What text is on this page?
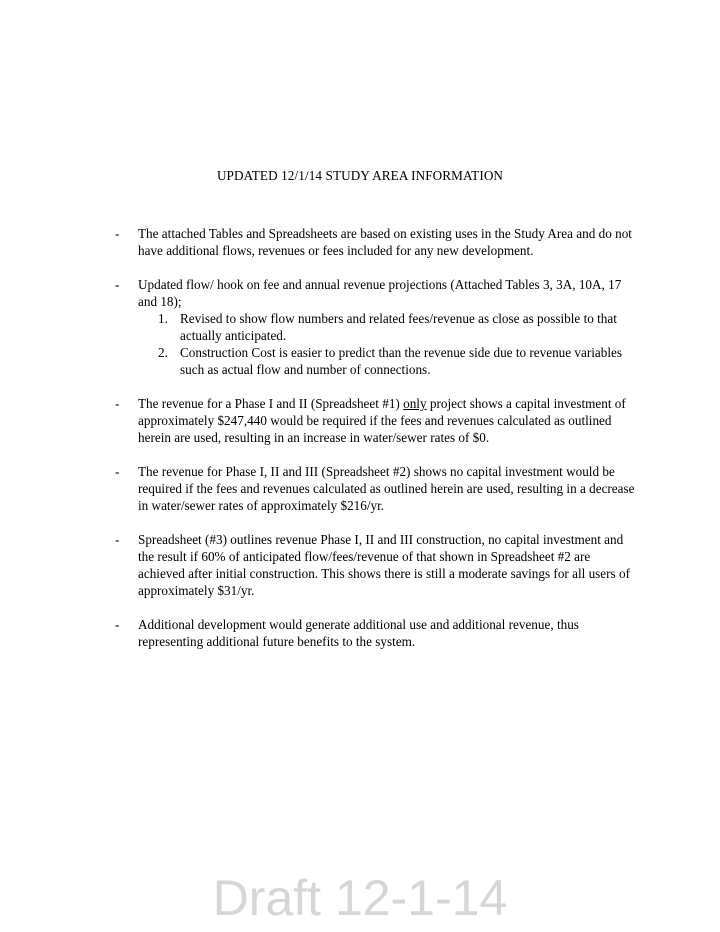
UPDATED 12/1/14 STUDY AREA INFORMATION
- The attached Tables and Spreadsheets are based on existing uses in the Study Area and do not have additional flows, revenues or fees included for any new development.
- Updated flow/ hook on fee and annual revenue projections (Attached Tables 3, 3A, 10A, 17 and 18);
1. Revised to show flow numbers and related fees/revenue as close as possible to that actually anticipated.
2. Construction Cost is easier to predict than the revenue side due to revenue variables such as actual flow and number of connections.
- The revenue for a Phase I and II (Spreadsheet #1) only project shows a capital investment of approximately $247,440 would be required if the fees and revenues calculated as outlined herein are used, resulting in an increase in water/sewer rates of $0.
- The revenue for Phase I, II and III (Spreadsheet #2) shows no capital investment would be required if the fees and revenues calculated as outlined herein are used, resulting in a decrease in water/sewer rates of approximately $216/yr.
- Spreadsheet (#3) outlines revenue Phase I, II and III construction, no capital investment and the result if 60% of anticipated flow/fees/revenue of that shown in Spreadsheet #2 are achieved after initial construction. This shows there is still a moderate savings for all users of approximately $31/yr.
- Additional development would generate additional use and additional revenue, thus representing additional future benefits to the system.
Draft 12-1-14
